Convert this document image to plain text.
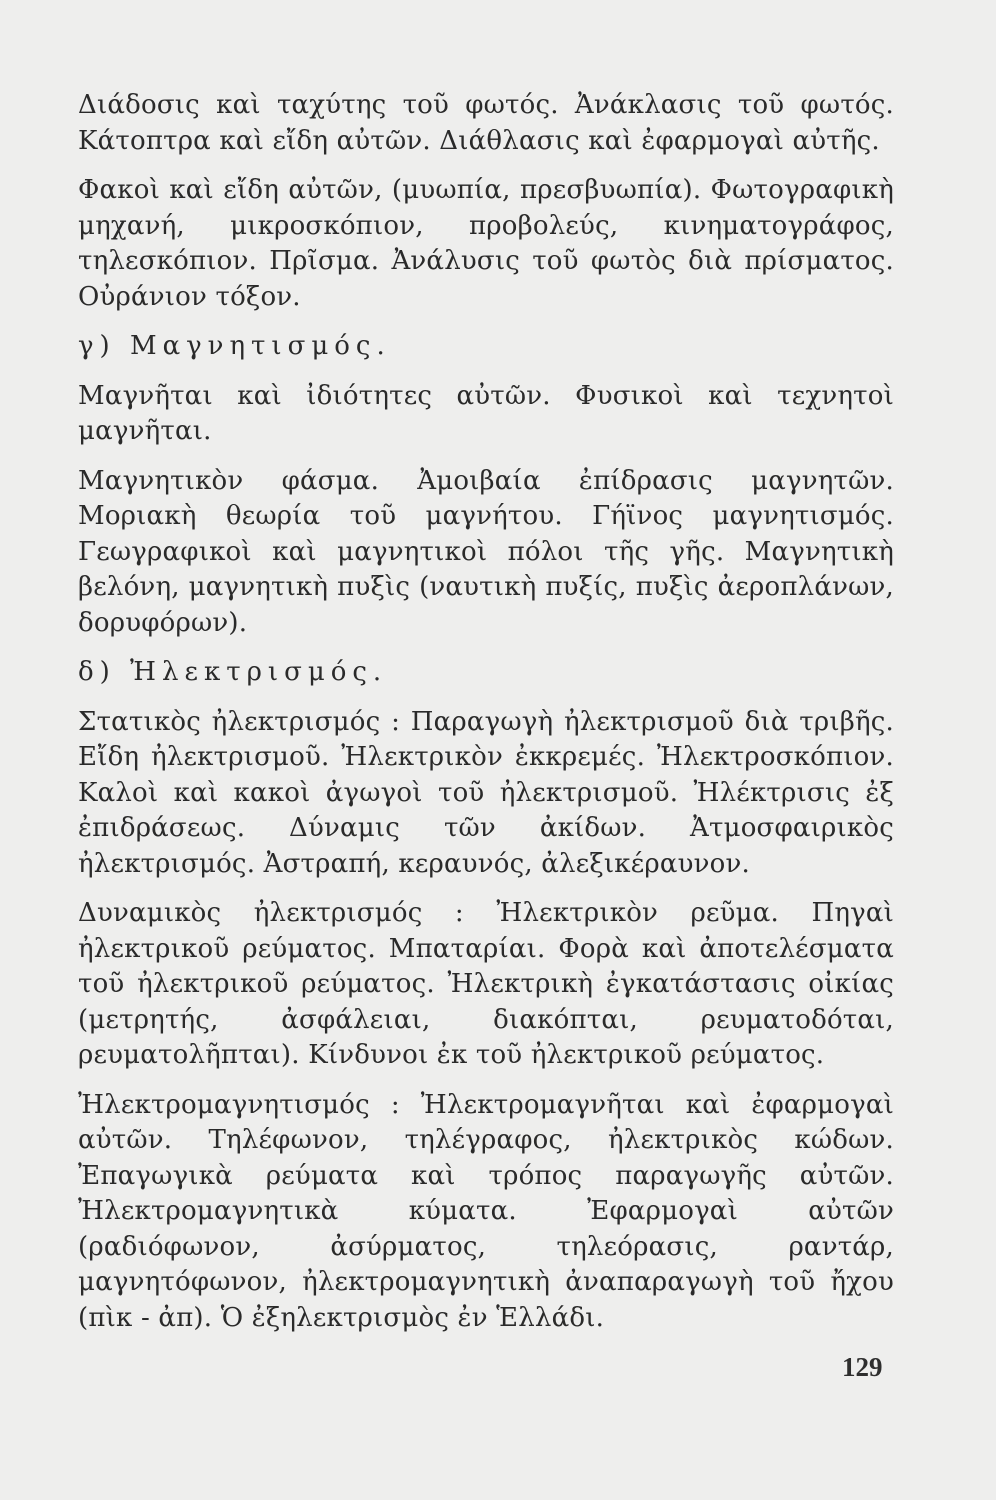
Διάδοσις καὶ ταχύτης τοῦ φωτός. Ἀνάκλασις τοῦ φωτός. Κάτοπτρα καὶ εἴδη αὐτῶν. Διάθλασις καὶ ἐφαρμογαὶ αὐτῆς.

Φακοὶ καὶ εἴδη αὐτῶν, (μυωπία, πρεσβυωπία). Φωτογραφικὴ μηχανή, μικροσκόπιον, προβολεύς, κινηματογράφος, τηλεσκόπιον. Πρῖσμα. Ἀνάλυσις τοῦ φωτὸς διὰ πρίσματος. Οὐράνιον τόξον.

γ) Μαγνητισμός.

Μαγνῆται καὶ ἰδιότητες αὐτῶν. Φυσικοὶ καὶ τεχνητοὶ μαγνῆται.

Μαγνητικὸν φάσμα. Ἀμοιβαία ἐπίδρασις μαγνητῶν. Μοριακὴ θεωρία τοῦ μαγνήτου. Γήϊνος μαγνητισμός. Γεωγραφικοὶ καὶ μαγνητικοὶ πόλοι τῆς γῆς. Μαγνητικὴ βελόνη, μαγνητικὴ πυξὶς (ναυτικὴ πυξίς, πυξὶς ἀεροπλάνων, δορυφόρων).

δ) Ἠλεκτρισμός.

Στατικὸς ἠλεκτρισμός : Παραγωγὴ ἠλεκτρισμοῦ διὰ τριβῆς. Εἴδη ἠλεκτρισμοῦ. Ἠλεκτρικὸν ἐκκρεμές. Ἠλεκτροσκόπιον. Καλοὶ καὶ κακοὶ ἀγωγοὶ τοῦ ἠλεκτρισμοῦ. Ἠλέκτρισις ἐξ ἐπιδράσεως. Δύναμις τῶν ἀκίδων. Ἀτμοσφαιρικὸς ἠλεκτρισμός. Ἀστραπή, κεραυνός, ἀλεξικέραυνον.

Δυναμικὸς ἠλεκτρισμός : Ἠλεκτρικὸν ρεῦμα. Πηγαὶ ἠλεκτρικοῦ ρεύματος. Μπαταρίαι. Φορὰ καὶ ἀποτελέσματα τοῦ ἠλεκτρικοῦ ρεύματος. Ἠλεκτρικὴ ἐγκατάστασις οἰκίας (μετρητής, ἀσφάλειαι, διακόπται, ρευματοδόται, ρευματολῆπται). Κίνδυνοι ἐκ τοῦ ἠλεκτρικοῦ ρεύματος.

Ἠλεκτρομαγνητισμός : Ἠλεκτρομαγνῆται καὶ ἐφαρμογαὶ αὐτῶν. Τηλέφωνον, τηλέγραφος, ἠλεκτρικὸς κώδων. Ἐπαγωγικὰ ρεύματα καὶ τρόπος παραγωγῆς αὐτῶν. Ἠλεκτρομαγνητικὰ κύματα. Ἐφαρμογαὶ αὐτῶν (ραδιόφωνον, ἀσύρματος, τηλεόρασις, ραντάρ, μαγνητόφωνον, ἠλεκτρομαγνητικὴ ἀναπαραγωγὴ τοῦ ἤχου (πὶκ - ἀπ). Ὁ ἐξηλεκτρισμὸς ἐν Ἑλλάδι.

129
